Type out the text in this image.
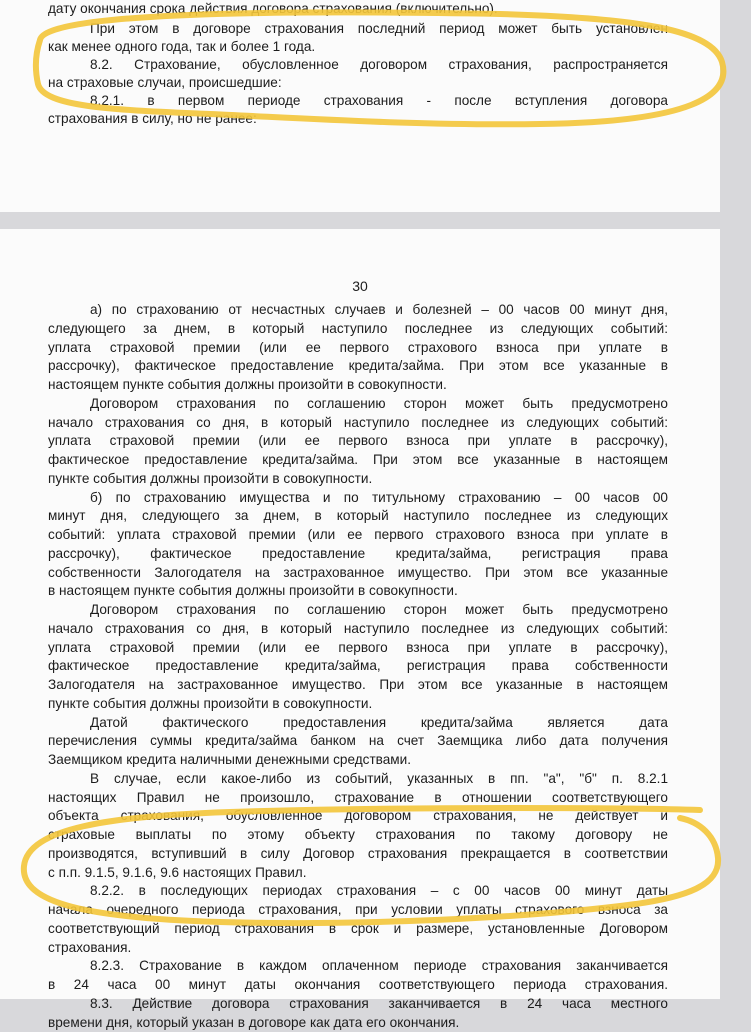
дату окончания срока действия договора страхования (включительно).
При этом в договоре страхования последний период может быть установлен
как менее одного года, так и более 1 года.
8.2. Страхование, обусловленное договором страхования, распространяется
на страховые случаи, происшедшие:
8.2.1. в первом периоде страхования - после вступления договора
страхования в силу, но не ранее:
30
а) по страхованию от несчастных случаев и болезней – 00 часов 00 минут дня,
следующего за днем, в который наступило последнее из следующих событий:
уплата страховой премии (или ее первого страхового взноса при уплате в
рассрочку), фактическое предоставление кредита/займа. При этом все указанные в
настоящем пункте события должны произойти в совокупности.
Договором страхования по соглашению сторон может быть предусмотрено
начало страхования со дня, в который наступило последнее из следующих событий:
уплата страховой премии (или ее первого взноса при уплате в рассрочку),
фактическое предоставление кредита/займа. При этом все указанные в настоящем
пункте события должны произойти в совокупности.
б) по страхованию имущества и по титульному страхованию – 00 часов 00
минут дня, следующего за днем, в который наступило последнее из следующих
событий: уплата страховой премии (или ее первого страхового взноса при уплате в
рассрочку), фактическое предоставление кредита/займа, регистрация права
собственности Залогодателя на застрахованное имущество. При этом все указанные
в настоящем пункте события должны произойти в совокупности.
Договором страхования по соглашению сторон может быть предусмотрено
начало страхования со дня, в который наступило последнее из следующих событий:
уплата страховой премии (или ее первого взноса при уплате в рассрочку),
фактическое предоставление кредита/займа, регистрация права собственности
Залогодателя на застрахованное имущество. При этом все указанные в настоящем
пункте события должны произойти в совокупности.
Датой фактического предоставления кредита/займа является дата
перечисления суммы кредита/займа банком на счет Заемщика либо дата получения
Заемщиком кредита наличными денежными средствами.
В случае, если какое-либо из событий, указанных в пп. "а", "б" п. 8.2.1
настоящих Правил не произошло, страхование в отношении соответствующего
объекта страхования, обусловленное договором страхования, не действует и
страховые выплаты по этому объекту страхования по такому договору не
производятся, вступивший в силу Договор страхования прекращается в соответствии
с п.п. 9.1.5, 9.1.6, 9.6 настоящих Правил.
8.2.2. в последующих периодах страхования – с 00 часов 00 минут даты
начала очередного периода страхования, при условии уплаты страхового взноса за
соответствующий период страхования в срок и размере, установленные Договором
страхования.
8.2.3. Страхование в каждом оплаченном периоде страхования заканчивается
в 24 часа 00 минут даты окончания соответствующего периода страхования.
8.3. Действие договора страхования заканчивается в 24 часа местного
времени дня, который указан в договоре как дата его окончания.
